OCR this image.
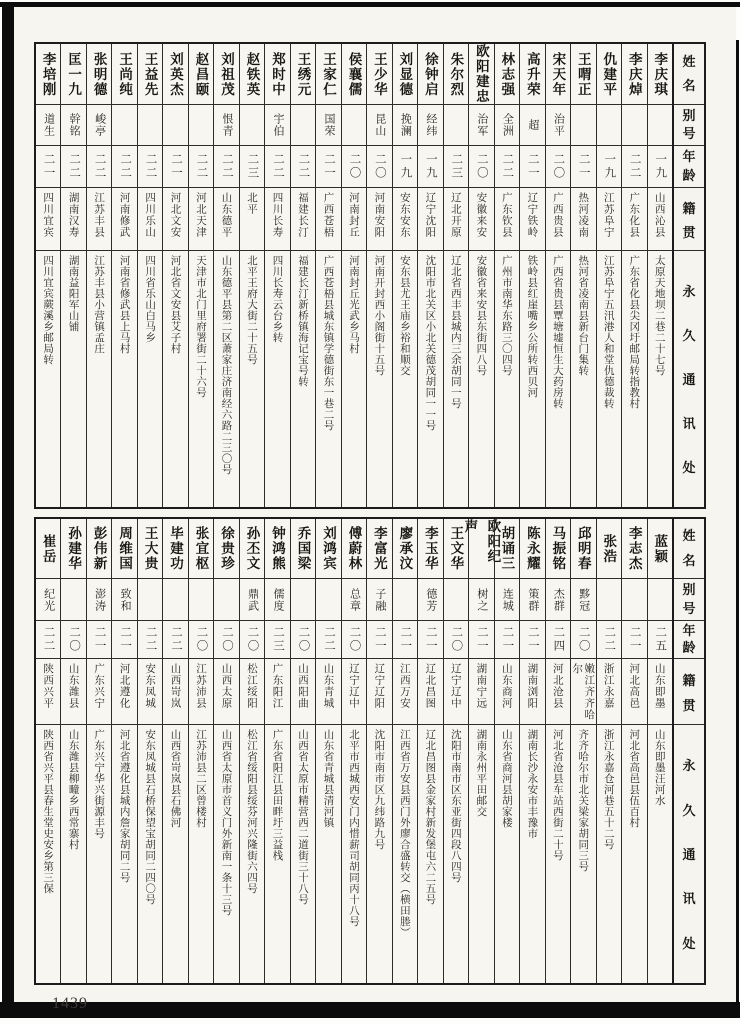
姓
名
别
号
年
龄
籍
贯
永
久
通
讯
处
李庆琪
一九
山西沁县
太原天地坝二巷二十七号
李庆焯
二二
广东化县
广东省化县尖冈圩邮局转指教村
仇建平
一九
江苏阜宁
江苏阜宁五汛港人和堂仇德裁转
王喟正
二一
热河凌南
热河省凌南县新台门集转
宋天年
治平
二〇
广西贵县
广西省贵县覃塘墟恒生大药房转
高升荣
超
二一
辽宁铁岭
铁岭县红崖嘴乡公所转西贝河
林志强
全洲
二二
广东钦县
广州市南华东路三〇四号
欧阳建忠
治军
二〇
安徽来安
安徽省来安县东街四八号
朱尔烈
二三
辽北开原
辽北省西丰县城内三余胡同一号
徐钟启
经纬
一九
辽宁沈阳
沈阳市北关区小北关德茂胡同一一号
刘显德
挽澜
一九
安东安东
安东县尤王庙乡裕和顺交
王少华
昆山
二〇
河南安阳
河南开封西小阁街十五号
侯襄儒
二〇
河南封丘
河南封丘光武乡马村
王家仁
国荣
二一
广西苍梧
广西苍梧县城东镇学德街东一巷二号
王绣元
二二
福建长汀
福建长汀新桥镇海记宝号转
郑时中
宇伯
二二
四川长寿
四川长寿云台乡转
赵铁英
二三
北平
北平王府大街二十五号
刘祖茂
恨青
二二
山东德平
山东德平县第二区萧家庄济南经六路二三〇号
赵昌颐
二二
河北天津
天津市北门里府署街二十六号
刘英杰
二一
河北文安
河北省文安县艾子村
王益先
二二
四川乐山
四川省乐山白马乡
王尚纯
二二
河南修武
河南省修武县上马村
张明德
峻亭
二二
江苏丰县
江苏丰县小营镇孟庄
匡一九
幹铭
二二
湖南汉寿
湖南益阳军山铺
李培刚
道生
二一
四川宜宾
四川宜宾蕨溪乡邮局转
姓
名
别
号
年
龄
籍
贯
永
久
通
讯
处
蓝颖
二五
山东即墨
山东即墨汪河水
李志杰
二一
河北高邑
河北省高邑县伍百村
张浩
二二
浙江永嘉
浙江永嘉仓河巷五十二号
邱明春
黟冠
二〇
嫩江齐齐哈尔
齐齐哈尔市北关梁家胡同三号
马振铭
杰群
二四
河北沧县
河北省沧县车站西街二十号
陈永耀
策群
二一
湖南浏阳
湖南长沙永安市丰豫市
胡诵三
连城
二一
山东商河
山东省商河县胡家楼
欧阳纪声
树之
二一
湖南宁远
湖南永州平田邮交
王文华
二〇
辽宁辽中
沈阳市南市区东亚街四段八四号
李玉华
德芳
二一
辽北昌图
辽北昌图县金家村新发堡屯六二五号
廖承汶
二一
江西万安
江西省万安县西门外廖合盛转交（横田塍）
李富光
子融
二一
辽宁辽阳
沈阳市南市区九纬路九号
傅蔚林
总章
二〇
辽宁辽中
北平市西城西安门内惜薪司胡同丙十八号
刘鸿宾
二二
山东青城
山东省青城县清河镇
乔国梁
二〇
山西阳曲
山西省太原市精营西二道街三十八号
钟鸿熊
儒度
二三
广东阳江
广东省阳江县田畔圩三益栈
孙丕文
鼎武
二〇
松江绥阳
松江省绥阳县绥芬河兴隆街六四号
徐贵珍
二〇
山西太原
山西省太原市首义门外新南一条十三号
张宜枢
二〇
江苏沛县
江苏沛县二区曾楼村
毕建功
二二
山西岢岚
山西省岢岚县石佛河
王大贵
二二
安东凤城
安东凤城县石桥保望宝胡同二四〇号
周维国
致和
二一
河北遵化
河北省遵化县城内詹家胡同二号
彭伟新
澎涛
二一
广东兴宁
广东兴宁华兴街源丰号
孙建华
二〇
山东潍县
山东潍县柳疃乡西常寨村
崔岳
纪光
二二
陕西兴平
陕西省兴平县春生堂史安乡第三保
1439
